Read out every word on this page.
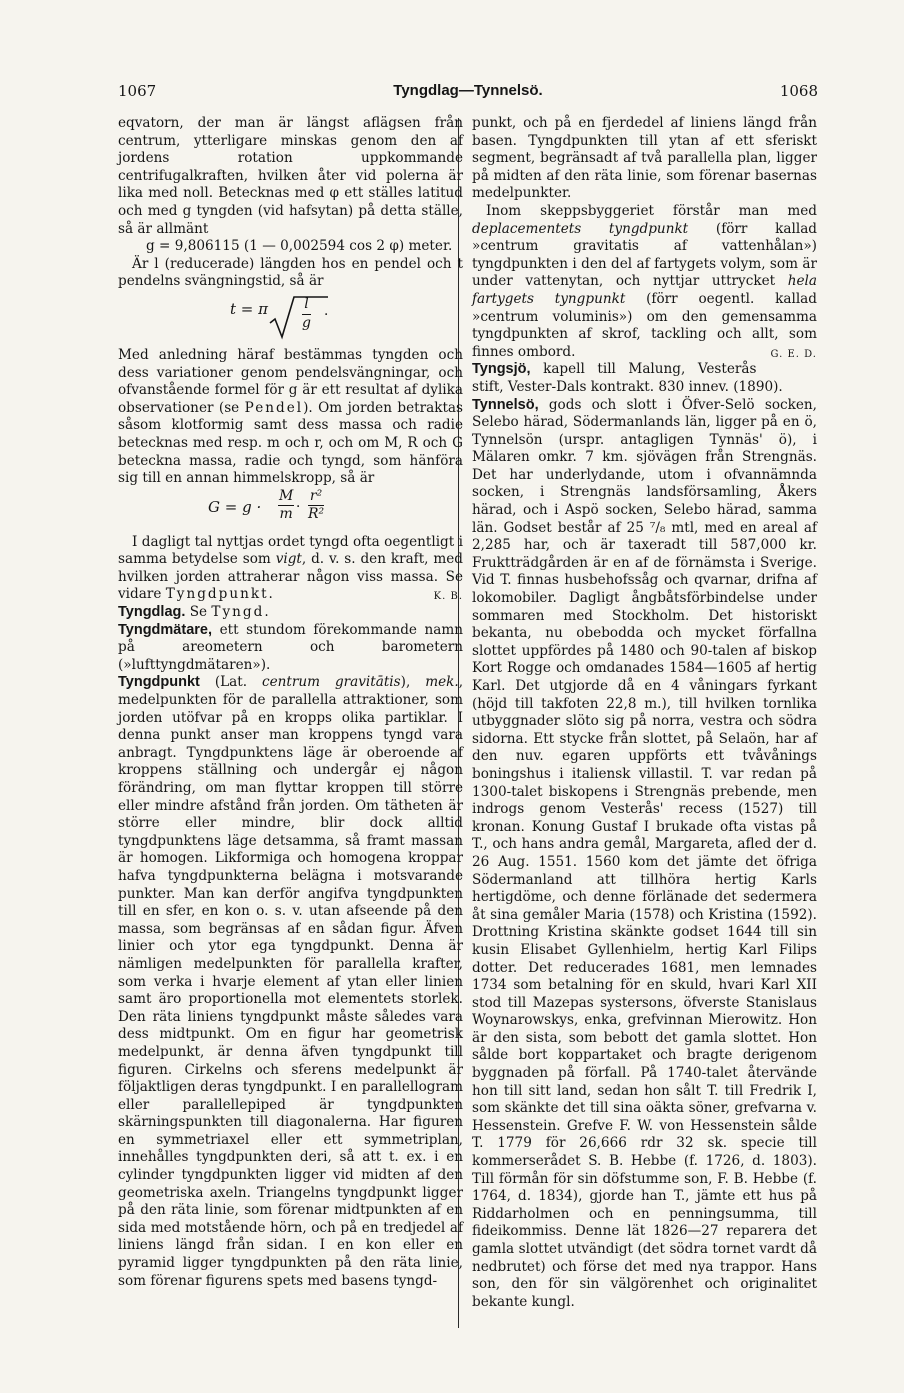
1067	Tyngdlag—Tynnelsö.	1068

eqvatorn, der man är längst aflägsen från centrum, ytterligare minskas genom den af jordens rotation uppkommande centrifugalkraften, hvilken åter vid polerna är lika med noll. Betecknas med φ ett ställes latitud och med g tyngden (vid hafsytan) på detta ställe, så är allmänt

g = 9,806115 (1 — 0,002594 cos 2 φ) meter.

Är l (reducerade) längden hos en pendel och t pendelns svängningstid, så är

t = π $\frac{l}{g}$ .

Med anledning häraf bestämmas tyngden och dess variationer genom pendelsvängningar, och ofvanstående formel för g är ett resultat af dylika observationer (se Pendel). Om jorden betraktas såsom klotformig samt dess massa och radie betecknas med resp. m och r, och om M, R och G beteckna massa, radie och tyngd, som hänföra sig till en annan himmelskropp, så är

$G = g \cdot \frac{M}{m} \cdot \frac{\text{r²}}{\text{R²}}$

I dagligt tal nyttjas ordet tyngd ofta oegentligt i samma betydelse som vigt, d. v. s. den kraft, med hvilken jorden attraherar någon viss massa. Se vidare Tyngdpunkt.	K. B.

Tyngdlag. Se Tyngd.

Tyngdmätare, ett stundom förekommande namn på areometern och barometern (»lufttyngdmätaren»).

Tyngdpunkt (Lat. centrum gravitātis), mek., medelpunkten för de parallella attraktioner, som jorden utöfvar på en kropps olika partiklar. I denna punkt anser man kroppens tyngd vara anbragt. Tyngdpunktens läge är oberoende af kroppens ställning och undergår ej någon förändring, om man flyttar kroppen till större eller mindre afstånd från jorden. Om tätheten är större eller mindre, blir dock alltid tyngdpunktens läge detsamma, så framt massan är homogen. Likformiga och homogena kroppar hafva tyngdpunkterna belägna i motsvarande punkter. Man kan derför angifva tyngdpunkten till en sfer, en kon o. s. v. utan afseende på den massa, som begränsas af en sådan figur. Äfven linier och ytor ega tyngdpunkt. Denna är nämligen medelpunkten för parallella krafter, som verka i hvarje element af ytan eller linien samt äro proportionella mot elementets storlek. Den räta liniens tyngdpunkt måste således vara dess midtpunkt. Om en figur har geometrisk medelpunkt, är denna äfven tyngdpunkt till figuren. Cirkelns och sferens medelpunkt är följaktligen deras tyngdpunkt. I en parallellogram eller parallellepiped är tyngdpunkten skärningspunkten till diagonalerna. Har figuren en symmetriaxel eller ett symmetriplan, innehålles tyngdpunkten deri, så att t. ex. i en cylinder tyngdpunkten ligger vid midten af den geometriska axeln. Triangelns tyngdpunkt ligger på den räta linie, som förenar midtpunkten af en sida med motstående hörn, och på en tredjedel af liniens längd från sidan. I en kon eller en pyramid ligger tyngdpunkten på den räta linie, som förenar figurens spets med basens tyngd-

punkt, och på en fjerdedel af liniens längd från basen. Tyngdpunkten till ytan af ett sferiskt segment, begränsadt af två parallella plan, ligger på midten af den räta linie, som förenar basernas medelpunkter.

Inom skeppsbyggeriet förstår man med deplacementets tyngdpunkt (förr kallad »centrum gravitatis af vattenhålan») tyngdpunkten i den del af fartygets volym, som är under vattenytan, och nyttjar uttrycket hela fartygets tyngpunkt (förr oegentl. kallad »centrum voluminis») om den gemensamma tyngdpunkten af skrof, tackling och allt, som finnes ombord.	G. E. D.

Tyngsjö, kapell till Malung, Vesterås stift, Vester-Dals kontrakt. 830 innev. (1890).

Tynnelsö, gods och slott i Öfver-Selö socken, Selebo härad, Södermanlands län, ligger på en ö, Tynnelsön (urspr. antagligen Tynnäs' ö), i Mälaren omkr. 7 km. sjövägen från Strengnäs. Det har underlydande, utom i ofvannämnda socken, i Strengnäs landsförsamling, Åkers härad, och i Aspö socken, Selebo härad, samma län. Godset består af 25 ⁷/₈ mtl, med en areal af 2,285 har, och är taxeradt till 587,000 kr. Fruktträdgården är en af de förnämsta i Sverige. Vid T. finnas husbehofssåg och qvarnar, drifna af lokomobiler. Dagligt ångbåtsförbindelse under sommaren med Stockholm. Det historiskt bekanta, nu obebodda och mycket förfallna slottet uppfördes på 1480 och 90-talen af biskop Kort Rogge och omdanades 1584—1605 af hertig Karl. Det utgjorde då en 4 våningars fyrkant (höjd till takfoten 22,8 m.), till hvilken tornlika utbyggnader slöto sig på norra, vestra och södra sidorna. Ett stycke från slottet, på Selaön, har af den nuv. egaren uppförts ett tvåvånings boningshus i italiensk villastil. T. var redan på 1300-talet biskopens i Strengnäs prebende, men indrogs genom Vesterås' recess (1527) till kronan. Konung Gustaf I brukade ofta vistas på T., och hans andra gemål, Margareta, afled der d. 26 Aug. 1551. 1560 kom det jämte det öfriga Södermanland att tillhöra hertig Karls hertigdöme, och denne förlänade det sedermera åt sina gemåler Maria (1578) och Kristina (1592). Drottning Kristina skänkte godset 1644 till sin kusin Elisabet Gyllenhielm, hertig Karl Filips dotter. Det reducerades 1681, men lemnades 1734 som betalning för en skuld, hvari Karl XII stod till Mazepas systersons, öfverste Stanislaus Woynarowskys, enka, grefvinnan Mierowitz. Hon är den sista, som bebott det gamla slottet. Hon sålde bort koppartaket och bragte derigenom byggnaden på förfall. På 1740-talet återvände hon till sitt land, sedan hon sålt T. till Fredrik I, som skänkte det till sina oäkta söner, grefvarna v. Hessenstein. Grefve F. W. von Hessenstein sålde T. 1779 för 26,666 rdr 32 sk. specie till kommerserådet S. B. Hebbe (f. 1726, d. 1803). Till förmån för sin döfstumme son, F. B. Hebbe (f. 1764, d. 1834), gjorde han T., jämte ett hus på Riddarholmen och en penningsumma, till fideikommiss. Denne lät 1826—27 reparera det gamla slottet utvändigt (det södra tornet vardt då nedbrutet) och förse det med nya trappor. Hans son, den för sin välgörenhet och originalitet bekante kungl.
